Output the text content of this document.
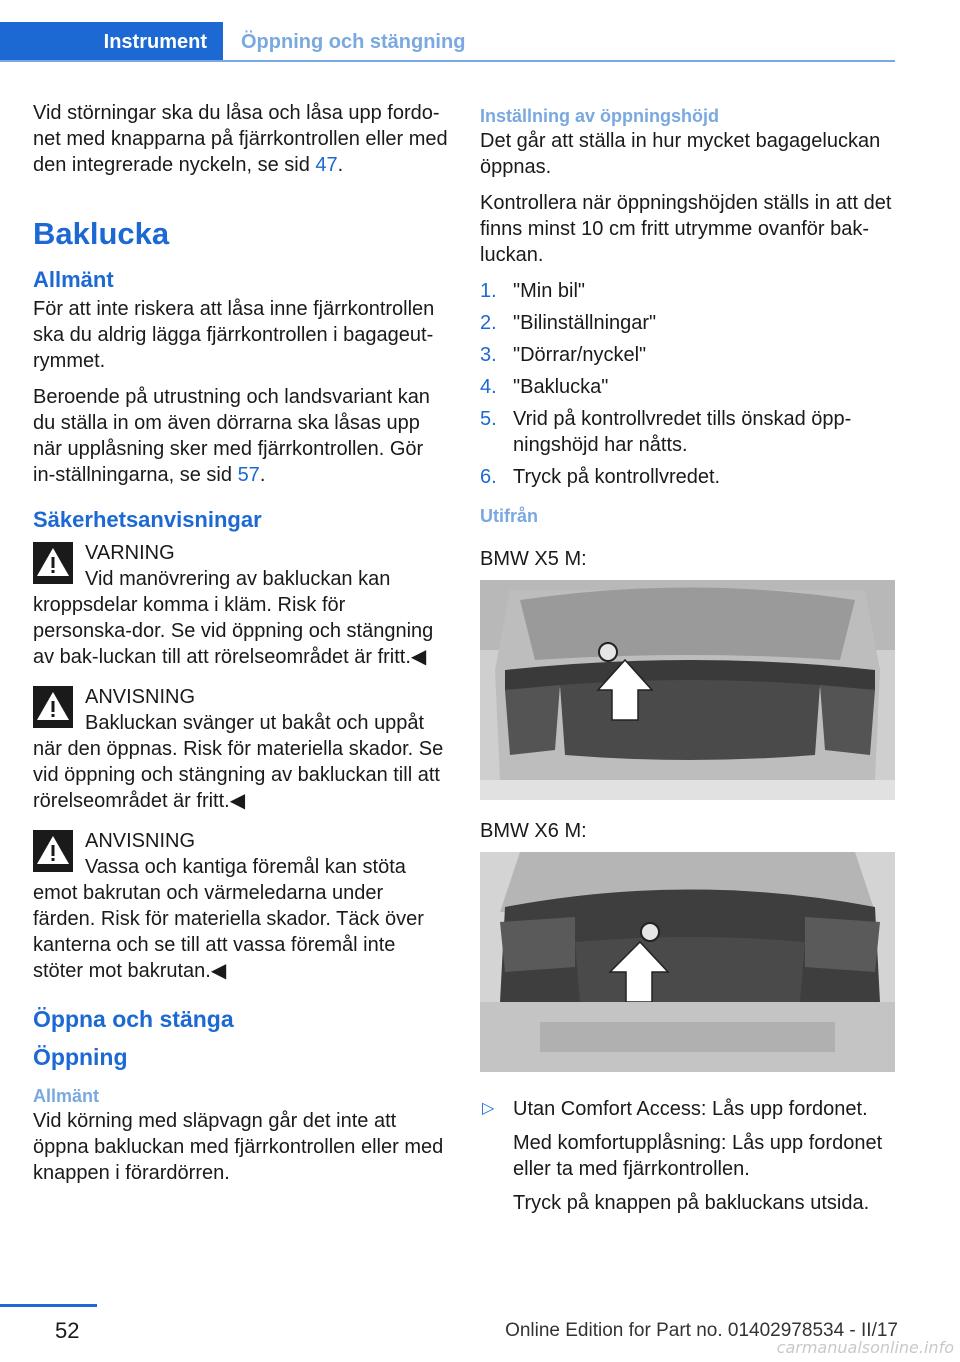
Instrument	Öppning och stängning

Vid störningar ska du låsa och låsa upp fordo-net med knapparna på fjärrkontrollen eller med den integrerade nyckeln, se sid 47.

Baklucka
Allmänt

För att inte riskera att låsa inne fjärrkontrollen ska du aldrig lägga fjärrkontrollen i bagageut-rymmet.

Beroende på utrustning och landsvariant kan du ställa in om även dörrarna ska låsas upp när upplåsning sker med fjärrkontrollen. Gör in-ställningarna, se sid 57.

Säkerhetsanvisningar
VARNING

Vid manövrering av bakluckan kan kroppsdelar komma i kläm. Risk för personska-dor. Se vid öppning och stängning av bak-luckan till att rörelseområdet är fritt.◀

ANVISNING

Bakluckan svänger ut bakåt och uppåt när den öppnas. Risk för materiella skador. Se vid öppning och stängning av bakluckan till att rörelseområdet är fritt.◀

ANVISNING

Vassa och kantiga föremål kan stöta emot bakrutan och värmeledarna under färden. Risk för materiella skador. Täck över kanterna och se till att vassa föremål inte stöter mot bakrutan.◀

Öppna och stänga
Öppning
Allmänt

Vid körning med släpvagn går det inte att öppna bakluckan med fjärrkontrollen eller med knappen i förardörren.

Inställning av öppningshöjd

Det går att ställa in hur mycket bagageluckan öppnas.

Kontrollera när öppningshöjden ställs in att det finns minst 10 cm fritt utrymme ovanför bak-luckan.

1. "Min bil"
2. "Bilinställningar"
3. "Dörrar/nyckel"
4. "Baklucka"
5. Vrid på kontrollvredet tills önskad öpp-ningshöjd har nåtts.
6. Tryck på kontrollvredet.
Utifrån

BMW X5 M:

BMW X6 M:

▷ Utan Comfort Access: Lås upp fordonet.

Med komfortupplåsning: Lås upp fordonet eller ta med fjärrkontrollen.

Tryck på knappen på bakluckans utsida.

52	Online Edition for Part no. 01402978534 - II/17
carmanualsonline.info
